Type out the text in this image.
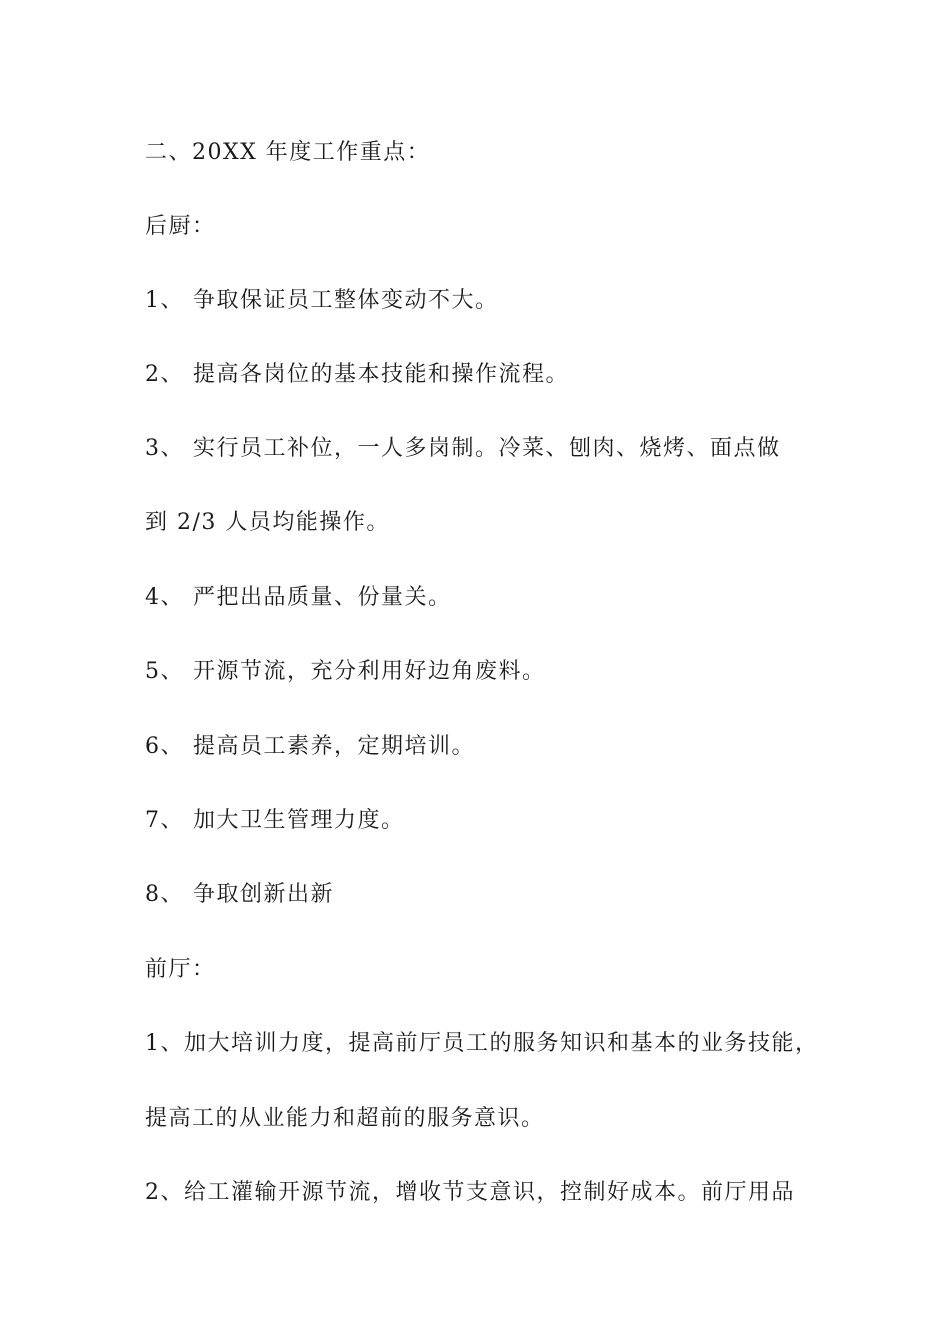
二、20XX 年度工作重点：

后厨：

1、 争取保证员工整体变动不大。

2、 提高各岗位的基本技能和操作流程。

3、 实行员工补位，一人多岗制。冷菜、刨肉、烧烤、面点做

到 2/3 人员均能操作。

4、 严把出品质量、份量关。

5、 开源节流，充分利用好边角废料。

6、 提高员工素养，定期培训。

7、 加大卫生管理力度。

8、 争取创新出新

前厅：

1、加大培训力度，提高前厅员工的服务知识和基本的业务技能，

提高工的从业能力和超前的服务意识。

2、给工灌输开源节流，增收节支意识，控制好成本。前厅用品
